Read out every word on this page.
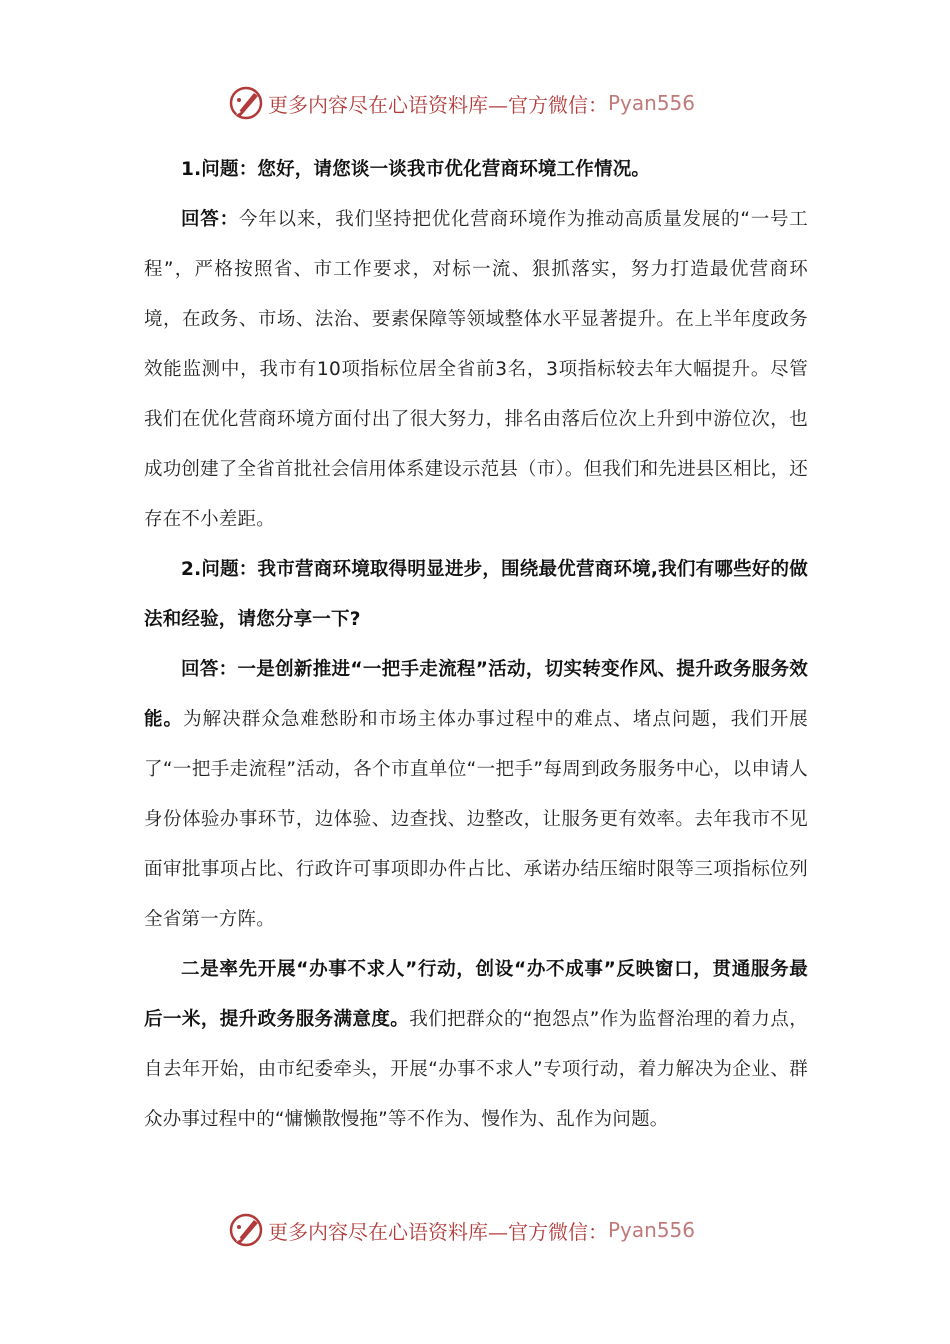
更多内容尽在心语资料库—官方微信： Pyan556

1.问题：您好，请您谈一谈我市优化营商环境工作情况。

回答：今年以来，我们坚持把优化营商环境作为推动高质量发展的“一号工程”，严格按照省、市工作要求，对标一流、狠抓落实，努力打造最优营商环境，在政务、市场、法治、要素保障等领域整体水平显著提升。在上半年度政务效能监测中，我市有10项指标位居全省前3名，3项指标较去年大幅提升。尽管我们在优化营商环境方面付出了很大努力，排名由落后位次上升到中游位次，也成功创建了全省首批社会信用体系建设示范县（市）。但我们和先进县区相比，还存在不小差距。

2.问题：我市营商环境取得明显进步，围绕最优营商环境,我们有哪些好的做法和经验，请您分享一下?

回答：一是创新推进“一把手走流程”活动，切实转变作风、提升政务服务效能。为解决群众急难愁盼和市场主体办事过程中的难点、堵点问题，我们开展了“一把手走流程”活动，各个市直单位“一把手”每周到政务服务中心，以申请人身份体验办事环节，边体验、边查找、边整改，让服务更有效率。去年我市不见面审批事项占比、行政许可事项即办件占比、承诺办结压缩时限等三项指标位列全省第一方阵。

二是率先开展“办事不求人”行动，创设“办不成事”反映窗口，贯通服务最后一米，提升政务服务满意度。我们把群众的“抱怨点”作为监督治理的着力点，自去年开始，由市纪委牵头，开展“办事不求人”专项行动，着力解决为企业、群众办事过程中的“慵懒散慢拖”等不作为、慢作为、乱作为问题。

更多内容尽在心语资料库—官方微信： Pyan556
